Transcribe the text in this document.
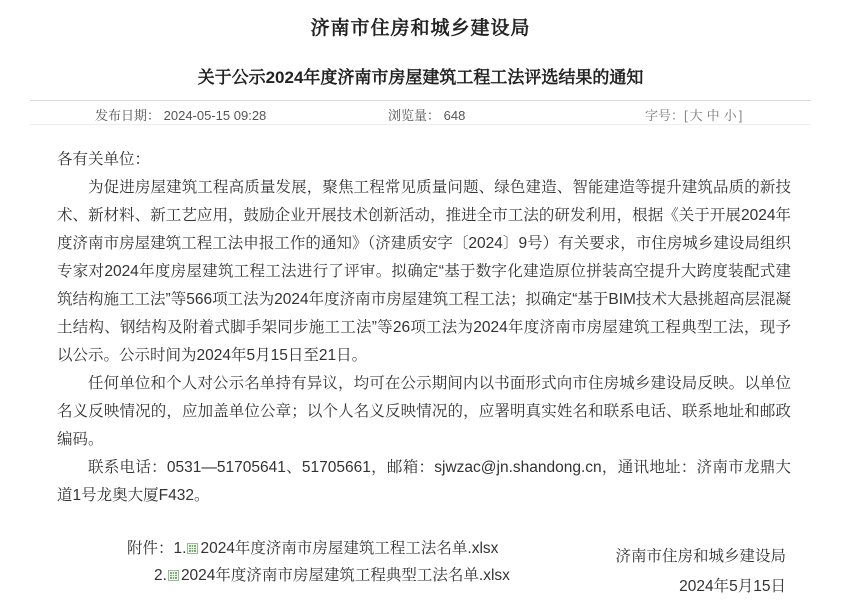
济南市住房和城乡建设局
关于公示2024年度济南市房屋建筑工程工法评选结果的通知
发布日期： 2024-05-15 09:28	浏览量： 648	字号：[ 大 中 小 ]

各有关单位：

为促进房屋建筑工程高质量发展，聚焦工程常见质量问题、绿色建造、智能建造等提升建筑品质的新技术、新材料、新工艺应用，鼓励企业开展技术创新活动，推进全市工法的研发利用，根据《关于开展2024年度济南市房屋建筑工程工法申报工作的通知》（济建质安字〔2024〕9号）有关要求，市住房城乡建设局组织专家对2024年度房屋建筑工程工法进行了评审。拟确定“基于数字化建造原位拼装高空提升大跨度装配式建筑结构施工工法”等566项工法为2024年度济南市房屋建筑工程工法；拟确定“基于BIM技术大悬挑超高层混凝土结构、钢结构及附着式脚手架同步施工工法”等26项工法为2024年度济南市房屋建筑工程典型工法，现予以公示。公示时间为2024年5月15日至21日。

任何单位和个人对公示名单持有异议，均可在公示期间内以书面形式向市住房城乡建设局反映。以单位名义反映情况的，应加盖单位公章；以个人名义反映情况的，应署明真实姓名和联系电话、联系地址和邮政编码。

联系电话：0531—51705641、51705661，邮箱：sjwzac@jn.shandong.cn，通讯地址：济南市龙鼎大道1号龙奥大厦F432。

附件：1. 2024年度济南市房屋建筑工程工法名单.xlsx
2. 2024年度济南市房屋建筑工程典型工法名单.xlsx
济南市住房和城乡建设局
2024年5月15日
